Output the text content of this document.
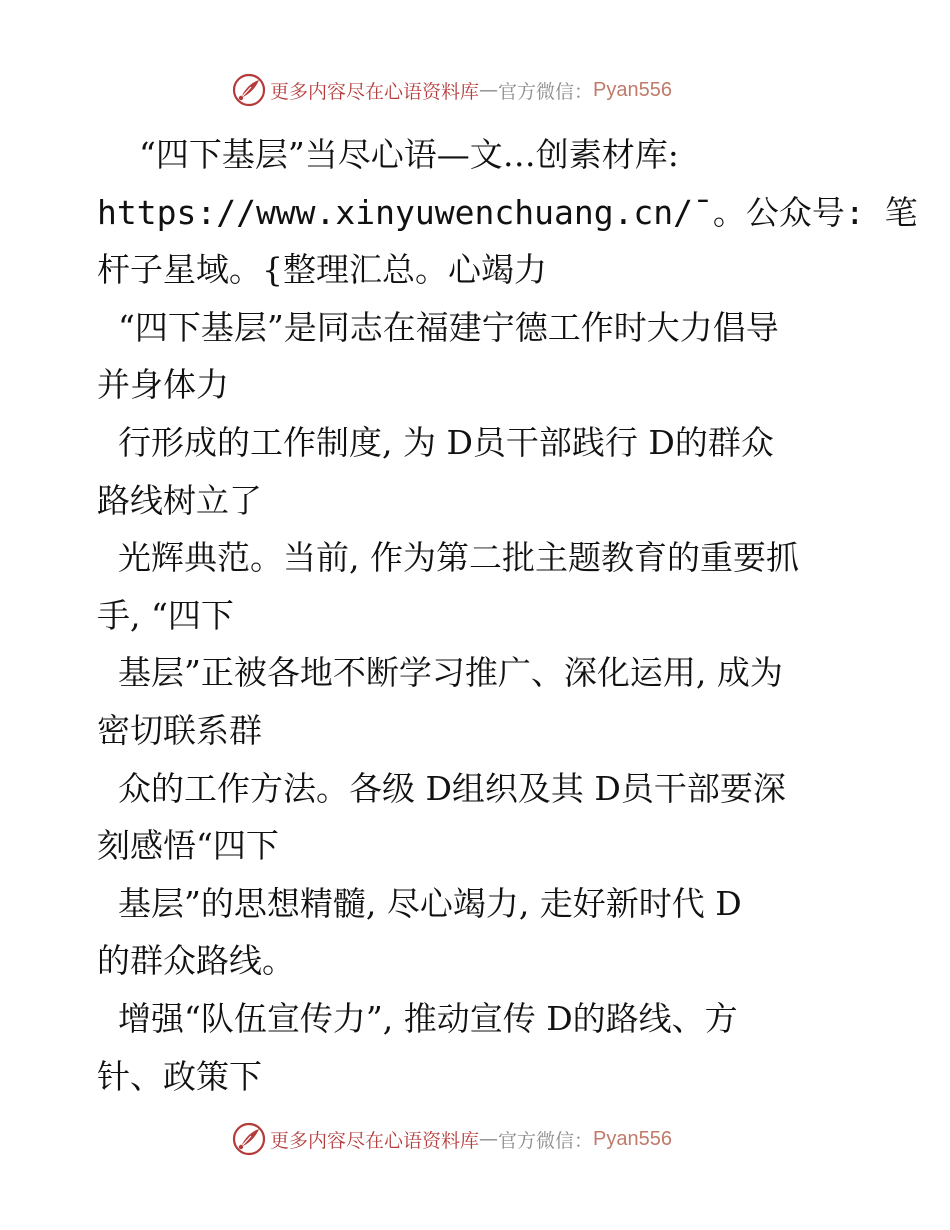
更多内容尽在心语资料库 — 官方微信： Pyan556
“四下基层”当尽心语—文…创素材库:
https://www.xinyuwenchuang.cn/¯。公众号: 笔
杆子星域。{整理汇总。心竭力
“四下基层”是同志在福建宁德工作时大力倡导
并身体力
行形成的工作制度, 为 D员干部践行 D的群众
路线树立了
光辉典范。当前, 作为第二批主题教育的重要抓
手, “四下
基层”正被各地不断学习推广、深化运用, 成为
密切联系群
众的工作方法。各级 D组织及其 D员干部要深
刻感悟“四下
基层”的思想精髓, 尽心竭力, 走好新时代 D
的群众路线。
增强“队伍宣传力”, 推动宣传 D的路线、方
针、政策下
更多内容尽在心语资料库 — 官方微信： Pyan556
